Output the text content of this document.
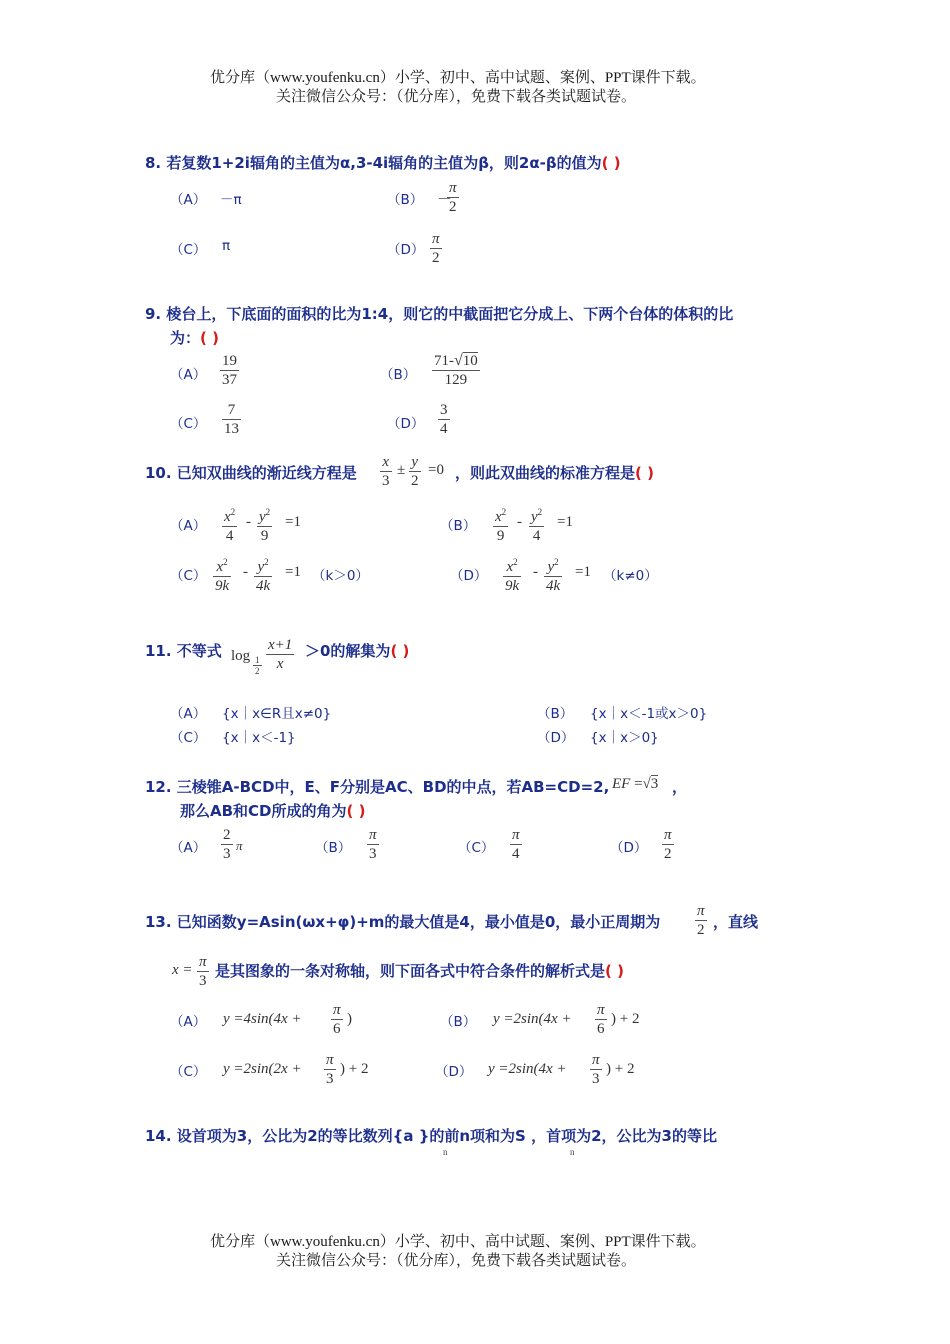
优分库（www.youfenku.cn）小学、初中、高中试题、案例、PPT课件下载。
关注微信公众号：（优分库），免费下载各类试题试卷。
8. 若复数1+2i辐角的主值为α,3-4i辐角的主值为β，则2α-β的值为( )
（A） －π	（B） －
π
2
（C） π	（D）
π
2
9. 棱台上，下底面的面积的比为1:4，则它的中截面把它分成上、下两个台体的体积的比
为：( )
（A）
19
37	（B）
71-√10
129
（C）
7
13	（D）
3
4
10. 已知双曲线的渐近线方程是
x
3
± y
2
=0 ，则此双曲线的标准方程是( )
（A）
$x^2$
4
- $y^2$
9
=1	（B）
$x^2$
9
- $y^2$
4
=1
（C）
$x^2$
9k
- $y^2$
4k
=1 （k＞0）	（D）
$x^2$
9k
- $y^2$
4k
=1 （k≠0）
11. 不等式 log 1
2
x+1
x
＞0的解集为( )
（A） {x｜x∈R且x≠0}	（B） {x｜x＜-1或x＞0}
（C） {x｜x＜-1}	（D） {x｜x＞0}
12. 三棱锥A-BCD中，E、F分别是AC、BD的中点，若AB=CD=2, EF =√3 ，
那么AB和CD所成的角为( )
（A）
2
3
π	（B）
π
3	（C）
π
4	（D）
π
2
13. 已知函数y=Asin(ωx+φ)+m的最大值是4，最小值是0，最小正周期为
π
2 ，直线
x = π
3
是其图象的一条对称轴，则下面各式中符合条件的解析式是( )
（A） y =4sin(4x +
π
6
)	（B） y =2sin(4x +
π
6
) + 2
（C） y =2sin(2x +
π
3
) + 2	（D） y =2sin(4x +
π
3
) + 2
14. 设首项为3，公比为2的等比数列{a }的前n项和为S ，首项为2，公比为3的等比
n	n
优分库（www.youfenku.cn）小学、初中、高中试题、案例、PPT课件下载。
关注微信公众号：（优分库），免费下载各类试题试卷。
